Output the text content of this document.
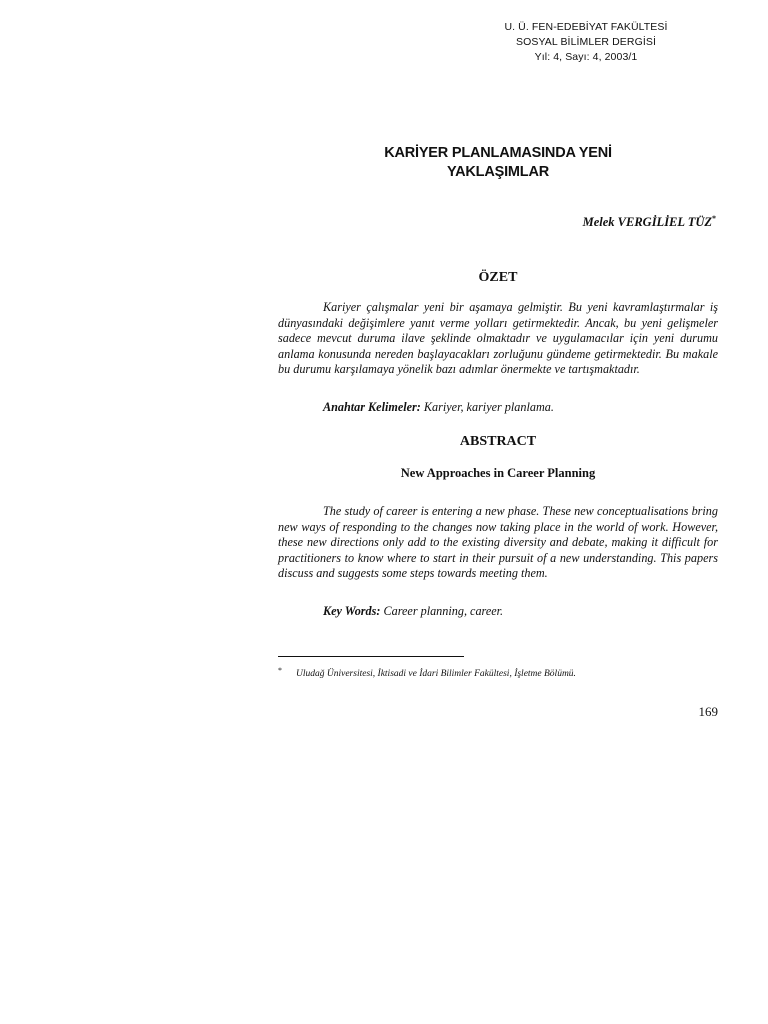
U. Ü. FEN-EDEBİYAT FAKÜLTESİ
SOSYAL BİLİMLER DERGİSİ
Yıl: 4, Sayı: 4, 2003/1
KARİYER PLANLAMASINDA YENİ
YAKLAŞIMLAR
Melek VERGİLİEL TÜZ*
ÖZET

Kariyer çalışmalar yeni bir aşamaya gelmiştir. Bu yeni kavramlaştırmalar iş dünyasındaki değişimlere yanıt verme yolları getirmektedir. Ancak, bu yeni gelişmeler sadece mevcut duruma ilave şeklinde olmaktadır ve uygulamacılar için yeni durumu anlama konusunda nereden başlayacakları zorluğunu gündeme getirmektedir. Bu makale bu durumu karşılamaya yönelik bazı adımlar önermekte ve tartışmaktadır.

Anahtar Kelimeler: Kariyer, kariyer planlama.
ABSTRACT
New Approaches in Career Planning

The study of career is entering a new phase. These new conceptualisations bring new ways of responding to the changes now taking place in the world of work. However, these new directions only add to the existing diversity and debate, making it difficult for practitioners to know where to start in their pursuit of a new understanding. This papers discuss and suggests some steps towards meeting them.

Key Words: Career planning, career.
* Uludağ Üniversitesi, İktisadi ve İdari Bilimler Fakültesi, İşletme Bölümü.
169
